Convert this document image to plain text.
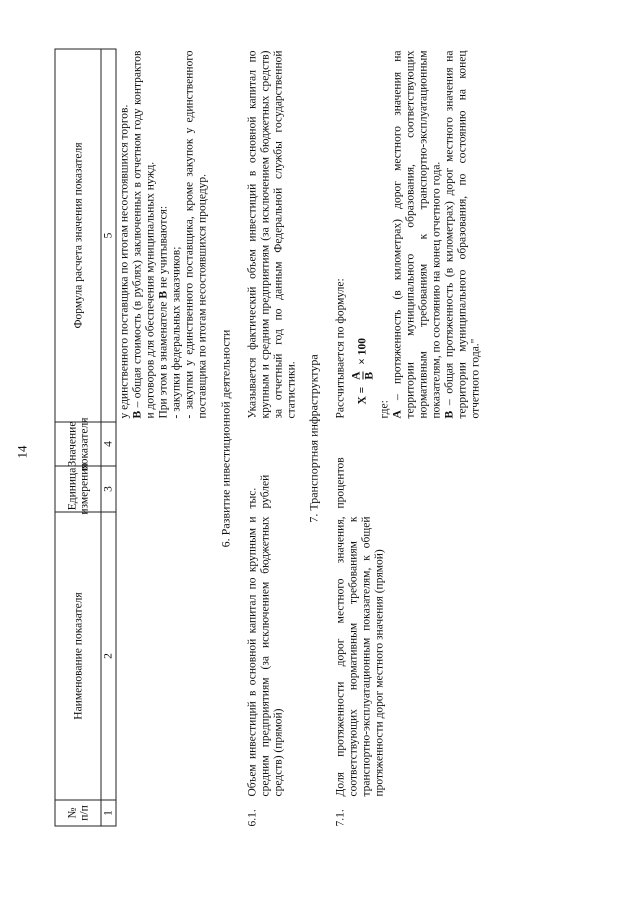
14
№ п/п
Наименование показателя
Единица измерения
Значение показателя
Формула расчета значения показателя
1
2
3
4
5 у единственного поставщика по итогам несостоявшихся торгов. B – общая стоимость (в рублях) заключенных в отчетном году контрактов и договоров для обеспечения муниципальных нужд. При этом в знаменателе B не учитываются: - закупки федеральных заказчиков; - закупки у единственного поставщика, кроме закупок у единственного поставщика по итогам несостоявшихся процедур.
6. Развитие инвестиционной деятельности
6.1.
Объем инвестиций в основной капитал по крупным и средним предприятиям (за исключением бюджетных средств) (прямой)
тыс. рублей
Указывается фактический объем инвестиций в основной капитал по крупным и средним предприятиям (за исключением бюджетных средств) за отчетный год по данным Федеральной службы государственной статистики. 7. Транспортная инфраструктура
7.1.
Доля протяженности дорог местного значения, соответствующих нормативным требованиям к транспортно-эксплуатационным показателям, к общей протяженности дорог местного значения (прямой)
процентов
Рассчитывается по формуле: X =
A B
× 100
где: A – протяженность (в километрах) дорог местного значения на территории муниципального образования, соответствующих нормативным требованиям к транспортно-эксплуатационным показателям, по состоянию на конец отчетного года. B – общая протяженность (в километрах) дорог местного значения на территории муниципального образования, по состоянию на конец отчетного года."
